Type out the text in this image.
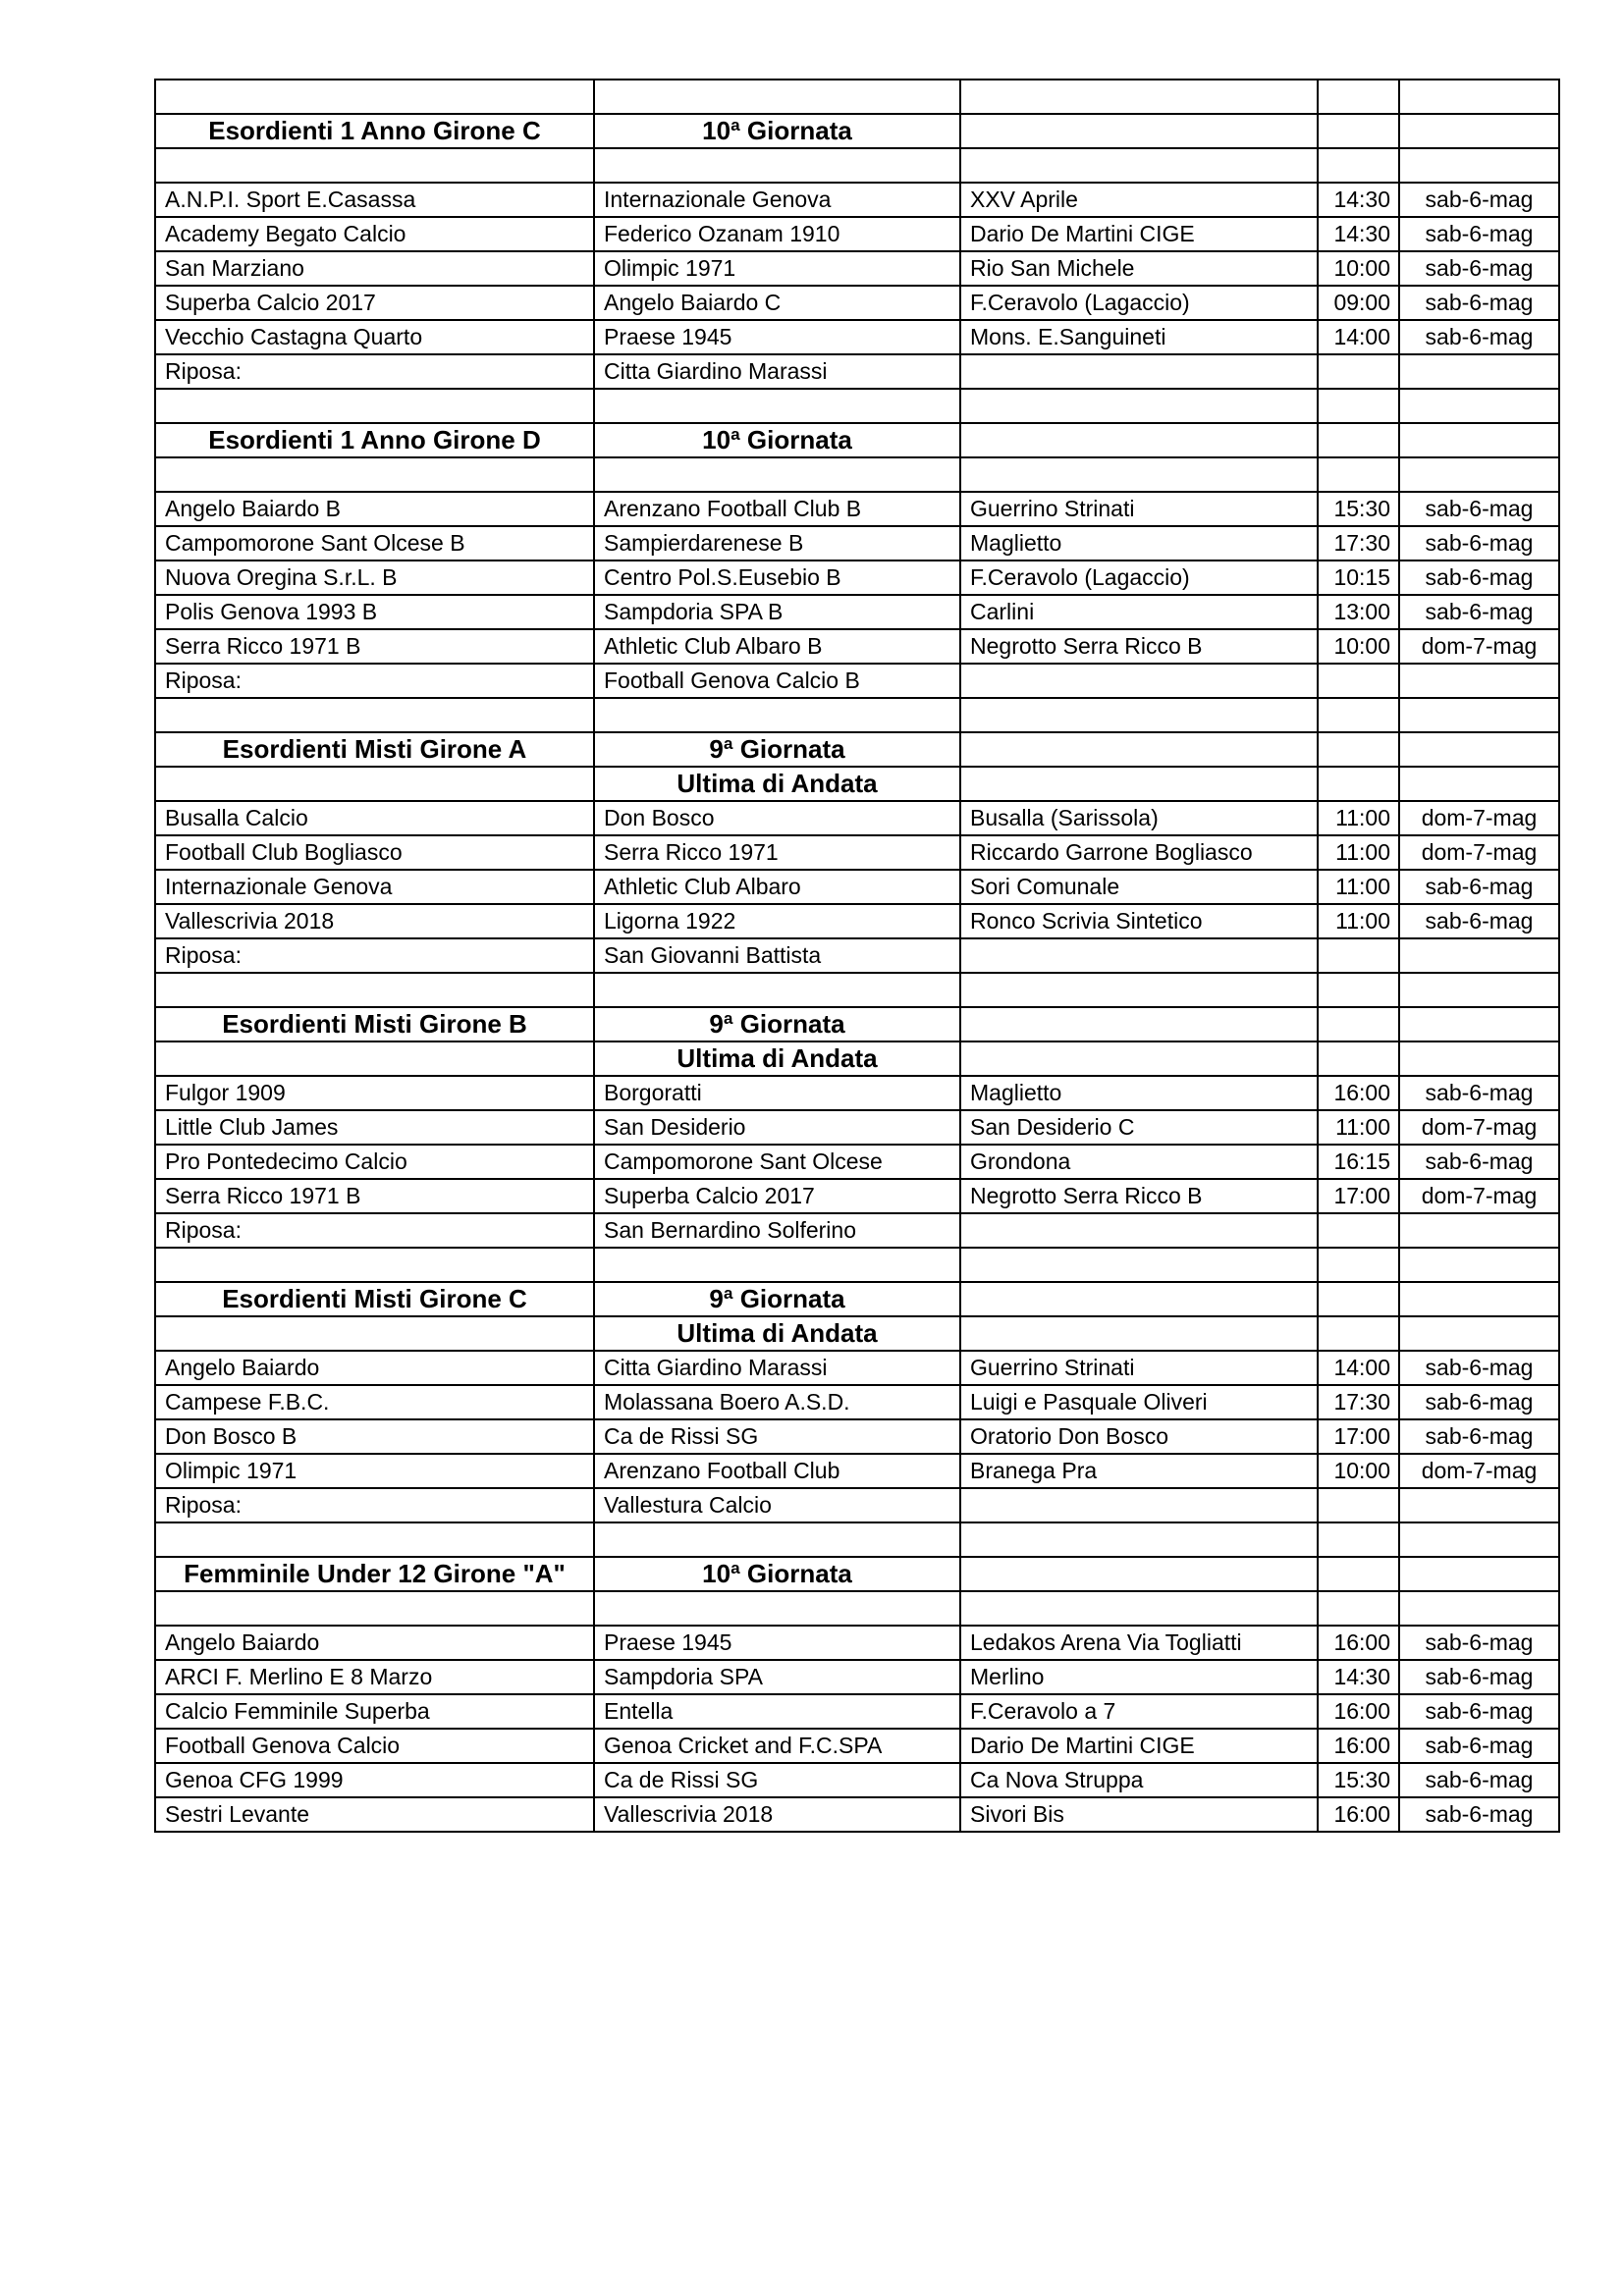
Esordienti 1 Anno Girone C	10ª Giornata			

A.N.P.I. Sport E.Casassa	Internazionale Genova	XXV Aprile	14:30	sab-6-mag
Academy Begato Calcio	Federico Ozanam 1910	Dario De Martini CIGE	14:30	sab-6-mag
San Marziano	Olimpic 1971	Rio San Michele	10:00	sab-6-mag
Superba Calcio 2017	Angelo Baiardo C	F.Ceravolo (Lagaccio)	09:00	sab-6-mag
Vecchio Castagna Quarto	Praese 1945	Mons. E.Sanguineti	14:00	sab-6-mag
Riposa:	Citta Giardino Marassi			

Esordienti 1 Anno Girone D	10ª Giornata			

Angelo Baiardo B	Arenzano Football Club B	Guerrino Strinati	15:30	sab-6-mag
Campomorone Sant Olcese B	Sampierdarenese B	Maglietto	17:30	sab-6-mag
Nuova Oregina S.r.L. B	Centro Pol.S.Eusebio B	F.Ceravolo (Lagaccio)	10:15	sab-6-mag
Polis Genova 1993 B	Sampdoria SPA B	Carlini	13:00	sab-6-mag
Serra Ricco 1971 B	Athletic Club Albaro B	Negrotto Serra Ricco B	10:00	dom-7-mag
Riposa:	Football Genova Calcio B			

Esordienti Misti Girone A	9ª Giornata			
	Ultima di Andata			
Busalla Calcio	Don Bosco	Busalla (Sarissola)	11:00	dom-7-mag
Football Club Bogliasco	Serra Ricco 1971	Riccardo Garrone Bogliasco	11:00	dom-7-mag
Internazionale Genova	Athletic Club Albaro	Sori Comunale	11:00	sab-6-mag
Vallescrivia 2018	Ligorna 1922	Ronco Scrivia Sintetico	11:00	sab-6-mag
Riposa:	San Giovanni Battista			

Esordienti Misti Girone B	9ª Giornata			
	Ultima di Andata			
Fulgor 1909	Borgoratti	Maglietto	16:00	sab-6-mag
Little Club James	San Desiderio	San Desiderio C	11:00	dom-7-mag
Pro Pontedecimo Calcio	Campomorone Sant Olcese	Grondona	16:15	sab-6-mag
Serra Ricco 1971 B	Superba Calcio 2017	Negrotto Serra Ricco B	17:00	dom-7-mag
Riposa:	San Bernardino Solferino			

Esordienti Misti Girone C	9ª Giornata			
	Ultima di Andata			
Angelo Baiardo	Citta Giardino Marassi	Guerrino Strinati	14:00	sab-6-mag
Campese F.B.C.	Molassana Boero A.S.D.	Luigi e Pasquale Oliveri	17:30	sab-6-mag
Don Bosco B	Ca de Rissi SG	Oratorio Don Bosco	17:00	sab-6-mag
Olimpic 1971	Arenzano Football Club	Branega Pra	10:00	dom-7-mag
Riposa:	Vallestura Calcio			

Femminile Under 12 Girone "A"	10ª Giornata			

Angelo Baiardo	Praese 1945	Ledakos Arena Via Togliatti	16:00	sab-6-mag
ARCI F. Merlino E 8 Marzo	Sampdoria SPA	Merlino	14:30	sab-6-mag
Calcio Femminile Superba	Entella	F.Ceravolo a 7	16:00	sab-6-mag
Football Genova Calcio	Genoa Cricket and F.C.SPA	Dario De Martini CIGE	16:00	sab-6-mag
Genoa CFG 1999	Ca de Rissi SG	Ca Nova Struppa	15:30	sab-6-mag
Sestri Levante	Vallescrivia 2018	Sivori Bis	16:00	sab-6-mag
